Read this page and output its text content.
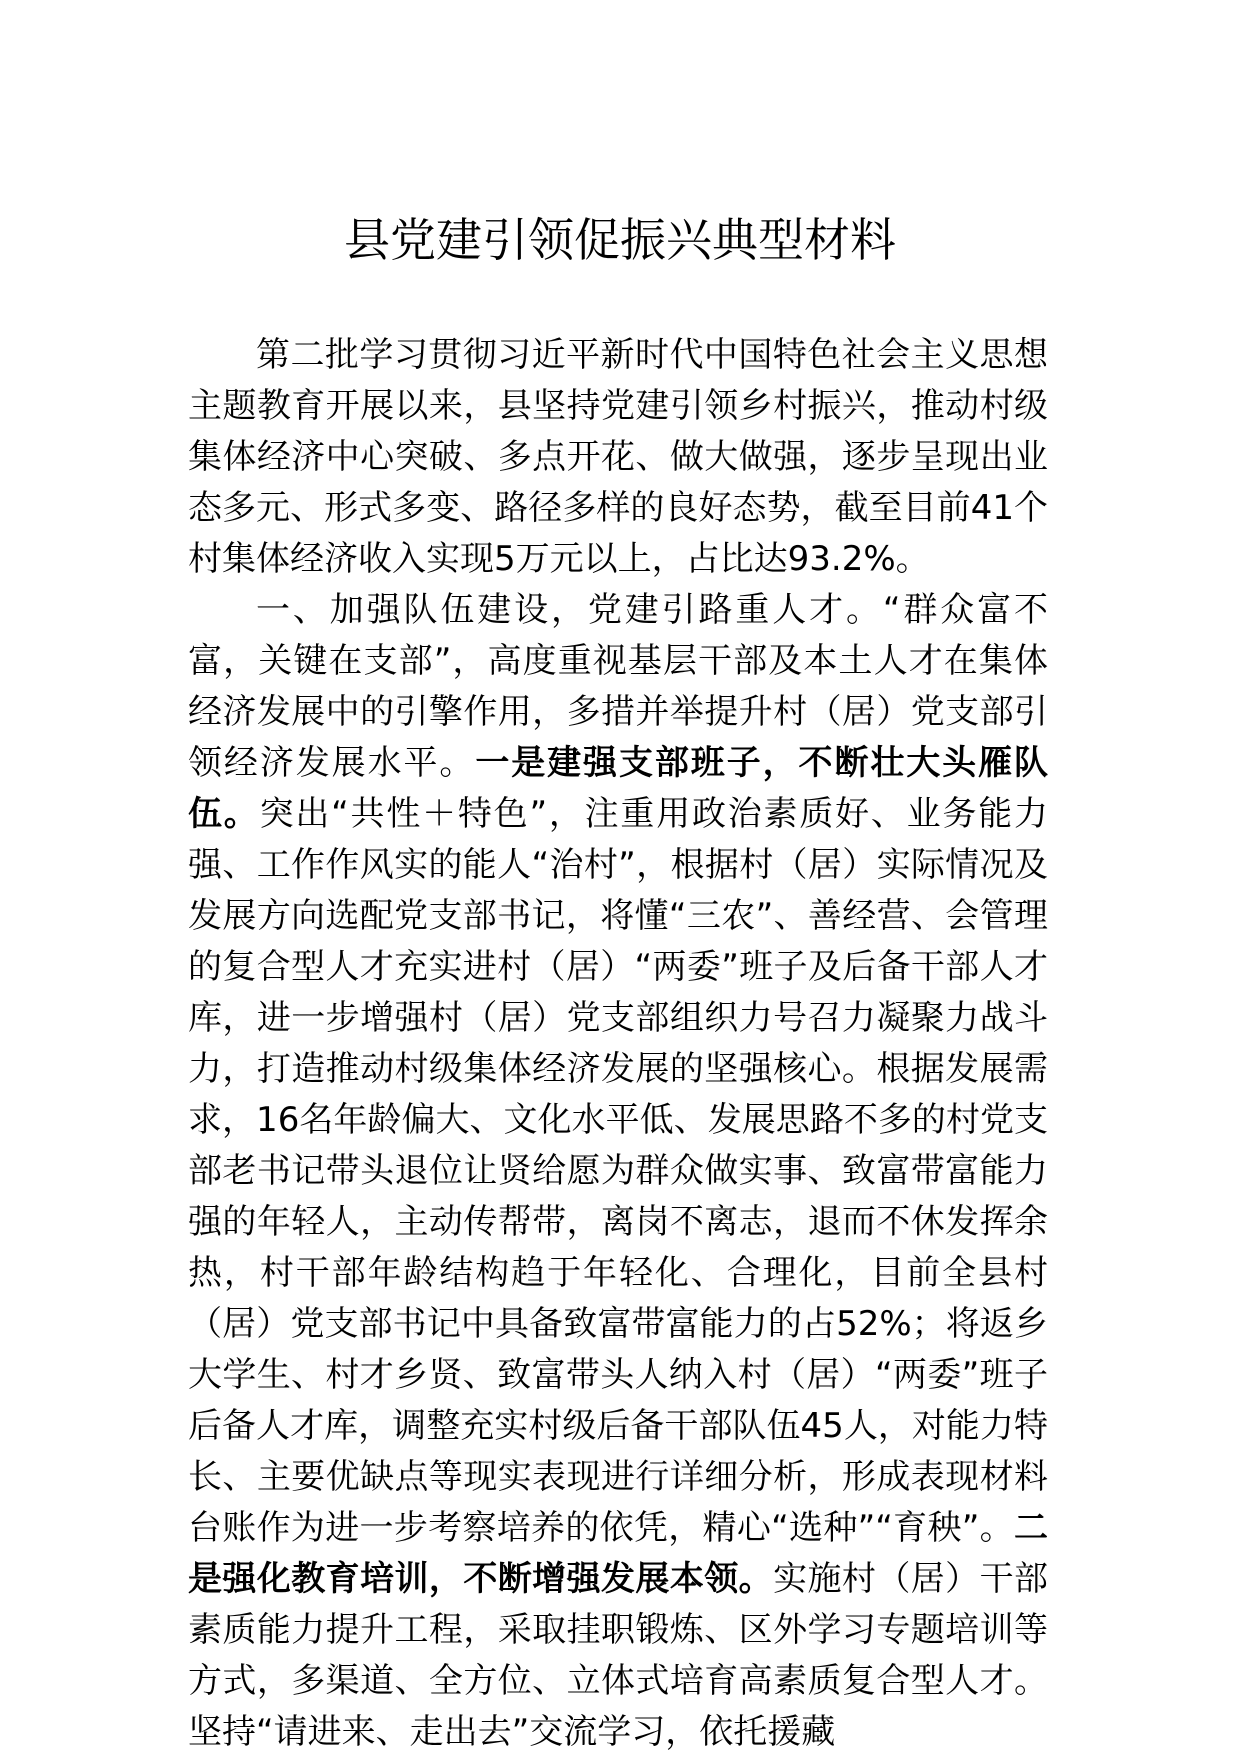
县党建引领促振兴典型材料

第二批学习贯彻习近平新时代中国特色社会主义思想主题教育开展以来，县坚持党建引领乡村振兴，推动村级集体经济中心突破、多点开花、做大做强，逐步呈现出业态多元、形式多变、路径多样的良好态势，截至目前41个村集体经济收入实现5万元以上，占比达93.2%。

一、加强队伍建设，党建引路重人才。“群众富不富，关键在支部”，高度重视基层干部及本土人才在集体经济发展中的引擎作用，多措并举提升村（居）党支部引领经济发展水平。一是建强支部班子，不断壮大头雁队伍。突出“共性＋特色”，注重用政治素质好、业务能力强、工作作风实的能人“治村”，根据村（居）实际情况及发展方向选配党支部书记，将懂“三农”、善经营、会管理的复合型人才充实进村（居）“两委”班子及后备干部人才库，进一步增强村（居）党支部组织力号召力凝聚力战斗力，打造推动村级集体经济发展的坚强核心。根据发展需求，16名年龄偏大、文化水平低、发展思路不多的村党支部老书记带头退位让贤给愿为群众做实事、致富带富能力强的年轻人，主动传帮带，离岗不离志，退而不休发挥余热，村干部年龄结构趋于年轻化、合理化，目前全县村（居）党支部书记中具备致富带富能力的占52%；将返乡大学生、村才乡贤、致富带头人纳入村（居）“两委”班子后备人才库，调整充实村级后备干部队伍45人，对能力特长、主要优缺点等现实表现进行详细分析，形成表现材料台账作为进一步考察培养的依凭，精心“选种”“育秧”。二是强化教育培训，不断增强发展本领。实施村（居）干部素质能力提升工程，采取挂职锻炼、区外学习专题培训等方式，多渠道、全方位、立体式培育高素质复合型人才。坚持“请进来、走出去”交流学习，依托援藏
